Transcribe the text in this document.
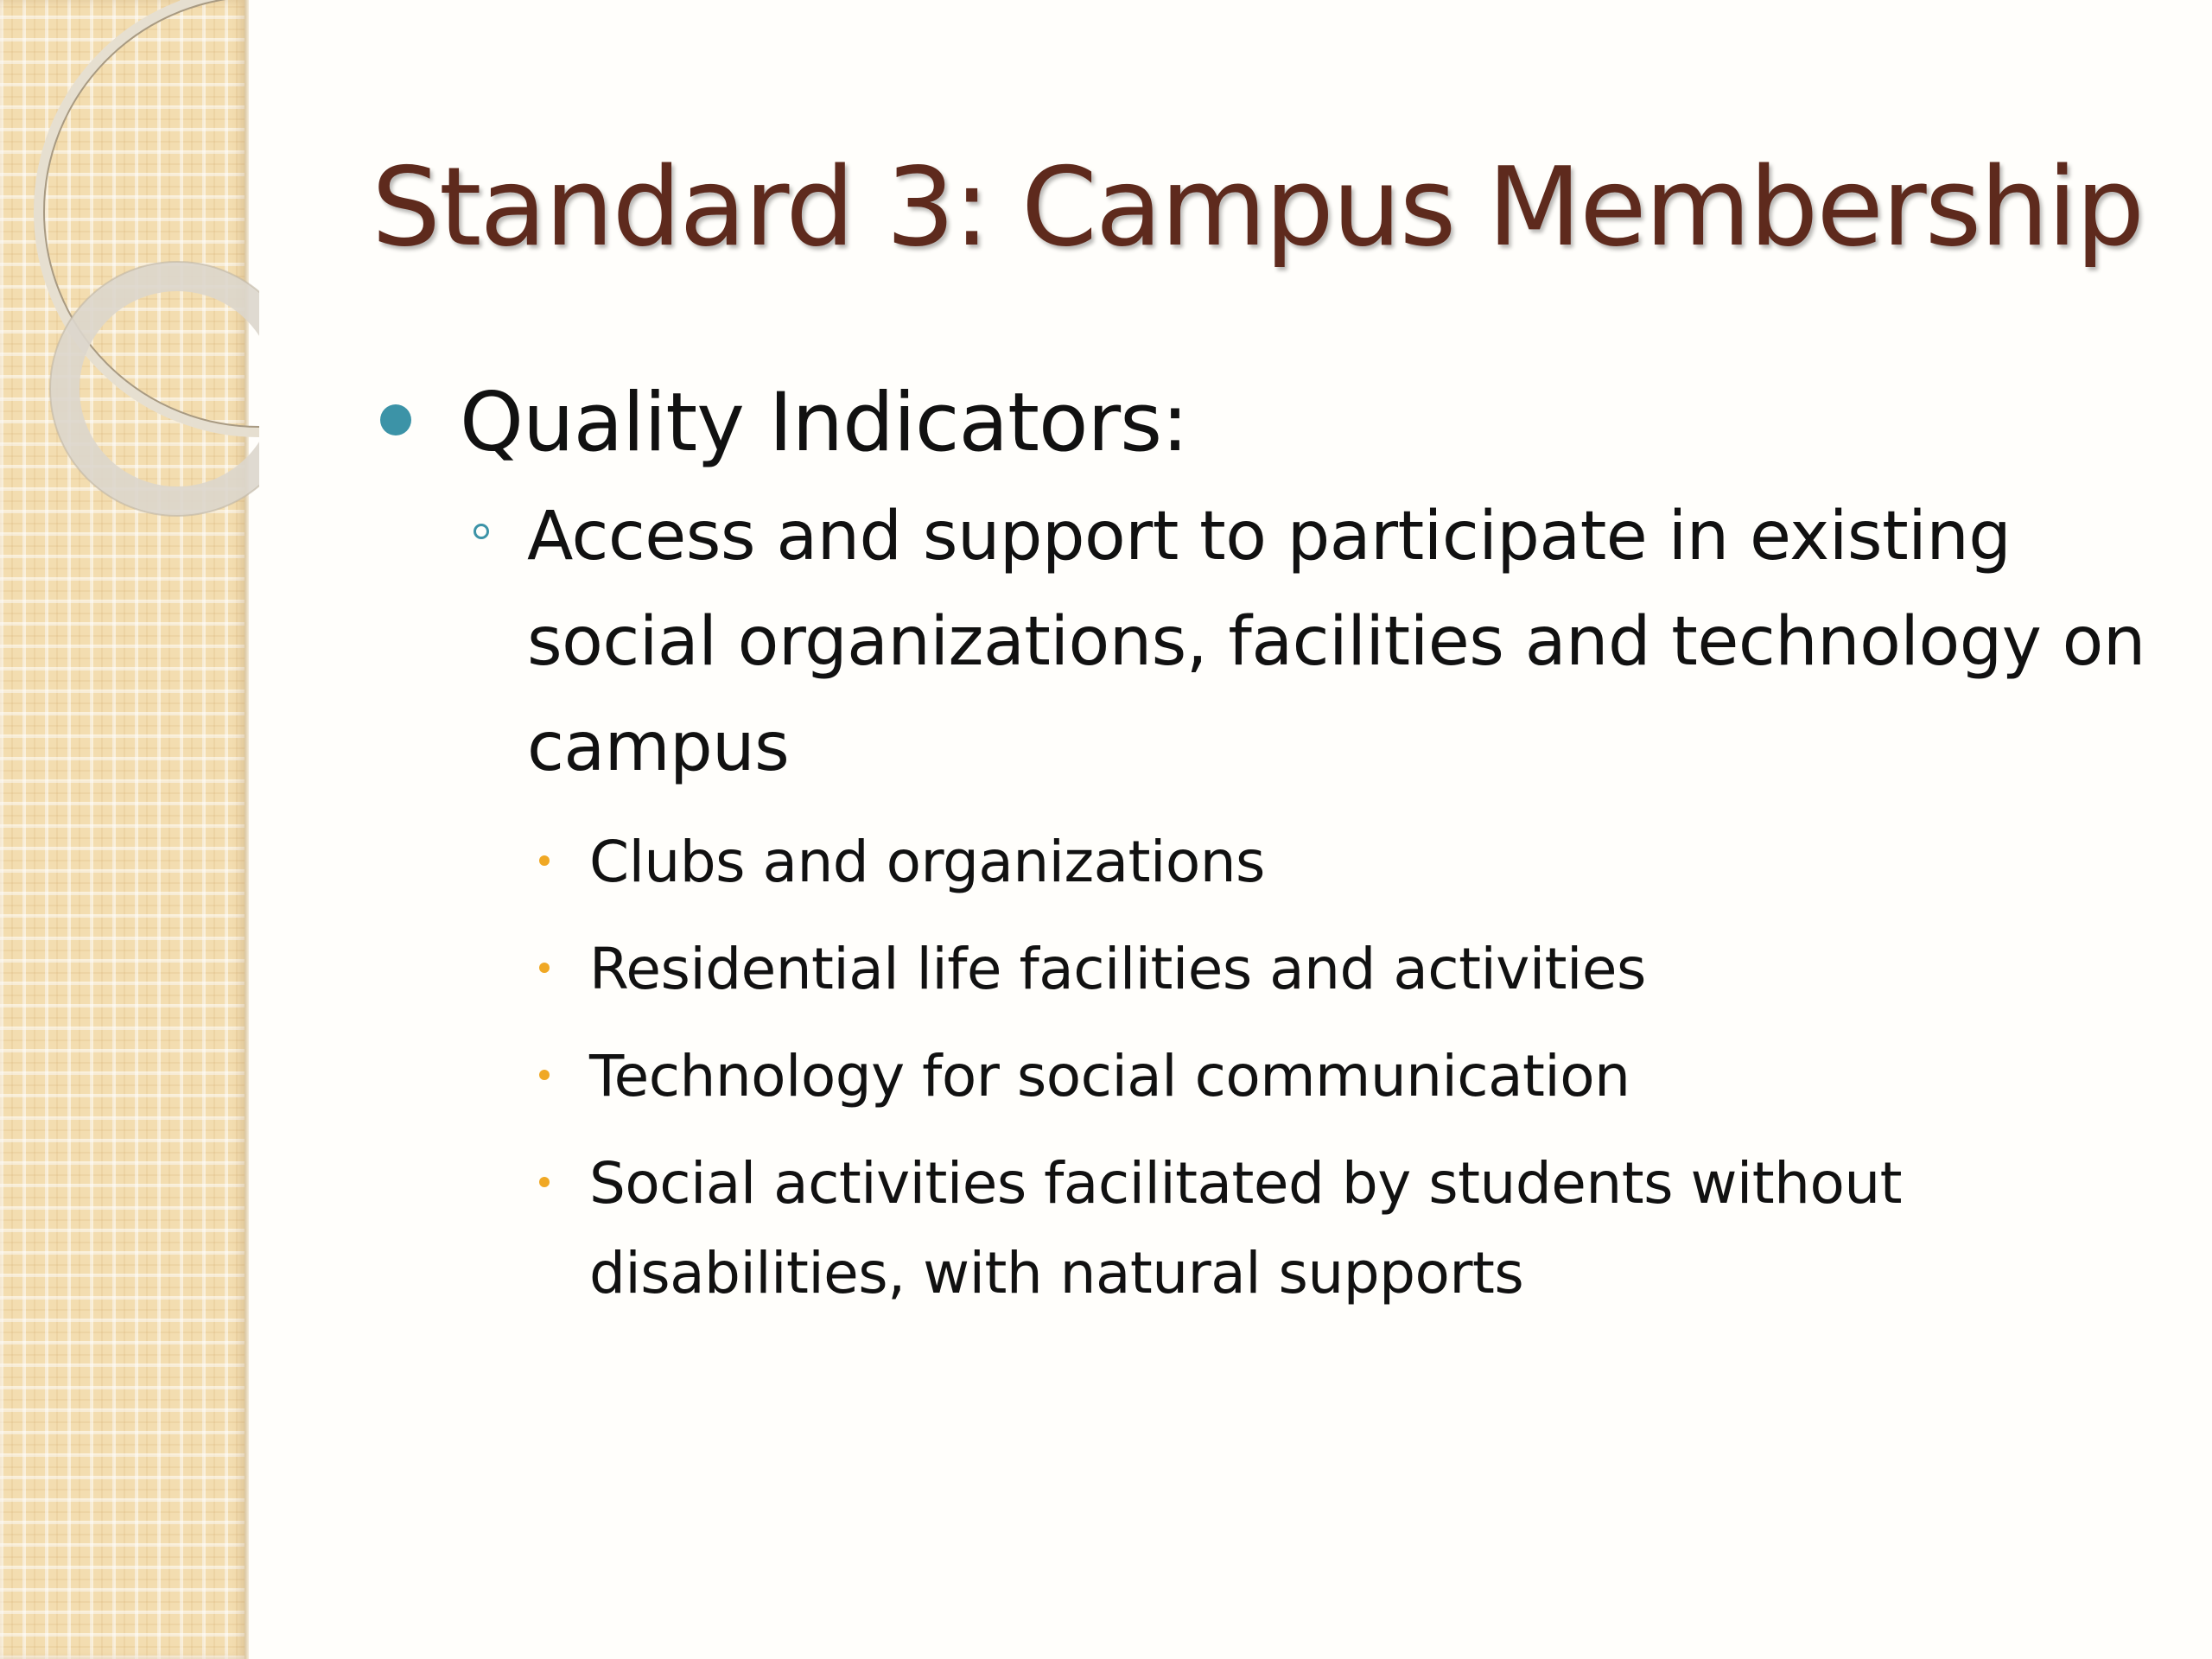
Standard 3: Campus Membership
Quality Indicators:
Access and support to participate in existing social organizations, facilities and technology on campus
Clubs and organizations
Residential life facilities and activities
Technology for social communication
Social activities facilitated by students without disabilities, with natural supports
